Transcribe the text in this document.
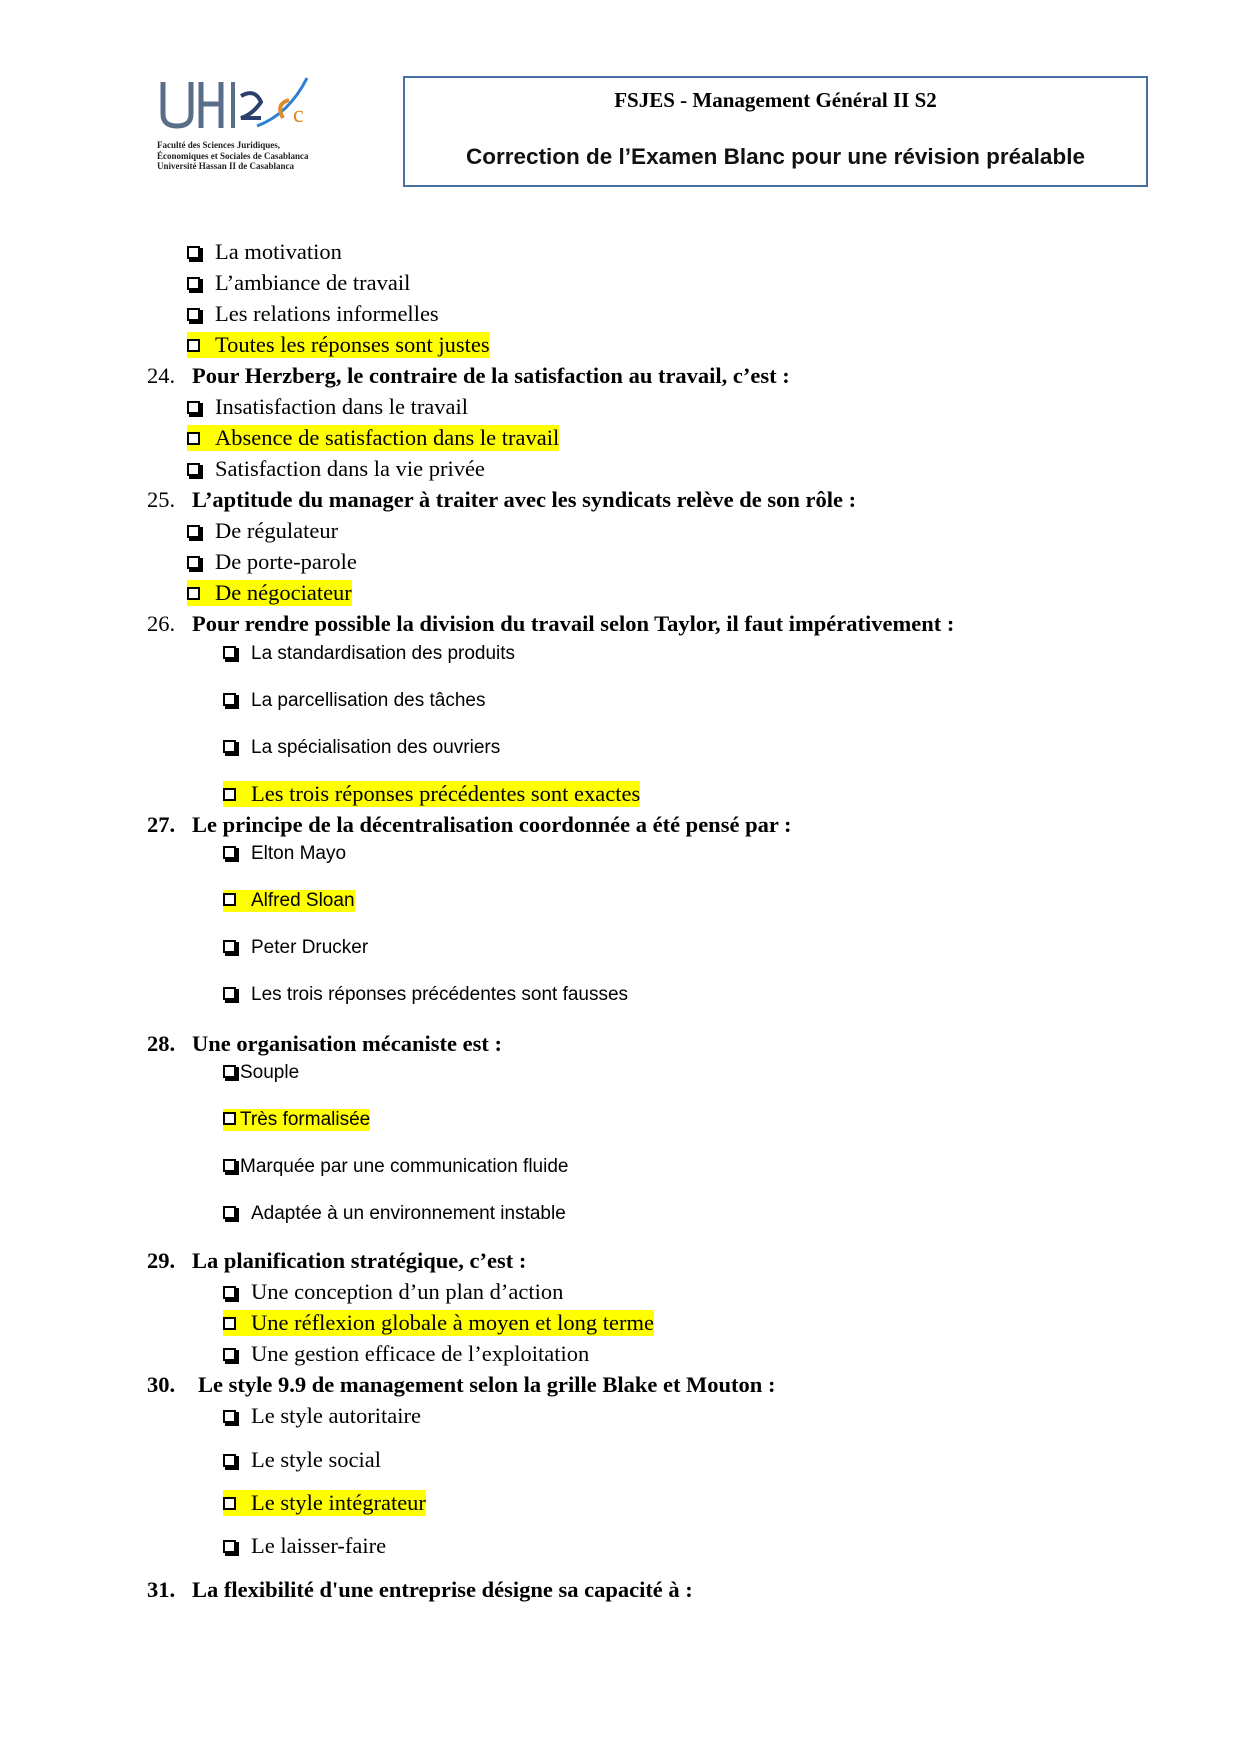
c
Faculté des Sciences Juridiques,
Économiques et Sociales de Casablanca
Université Hassan II de Casablanca
FSJES - Management Général II S2
Correction de l’Examen Blanc pour une révision préalable
La motivation
L’ambiance de travail
Les relations informelles
Toutes les réponses sont justes
24. Pour Herzberg, le contraire de la satisfaction au travail, c’est :
Insatisfaction dans le travail
Absence de satisfaction dans le travail
Satisfaction dans la vie privée
25. L’aptitude du manager à traiter avec les syndicats relève de son rôle :
De régulateur
De porte-parole
De négociateur
26. Pour rendre possible la division du travail selon Taylor, il faut impérativement :
La standardisation des produits
La parcellisation des tâches
La spécialisation des ouvriers
Les trois réponses précédentes sont exactes
27. Le principe de la décentralisation coordonnée a été pensé par :
Elton Mayo
Alfred Sloan
Peter Drucker
Les trois réponses précédentes sont fausses
28. Une organisation mécaniste est :
Souple
Très formalisée
Marquée par une communication fluide
Adaptée à un environnement instable
29. La planification stratégique, c’est :
Une conception d’un plan d’action
Une réflexion globale à moyen et long terme
Une gestion efficace de l’exploitation
30. Le style 9.9 de management selon la grille Blake et Mouton :
Le style autoritaire
Le style social
Le style intégrateur
Le laisser-faire
31. La flexibilité d'une entreprise désigne sa capacité à :
